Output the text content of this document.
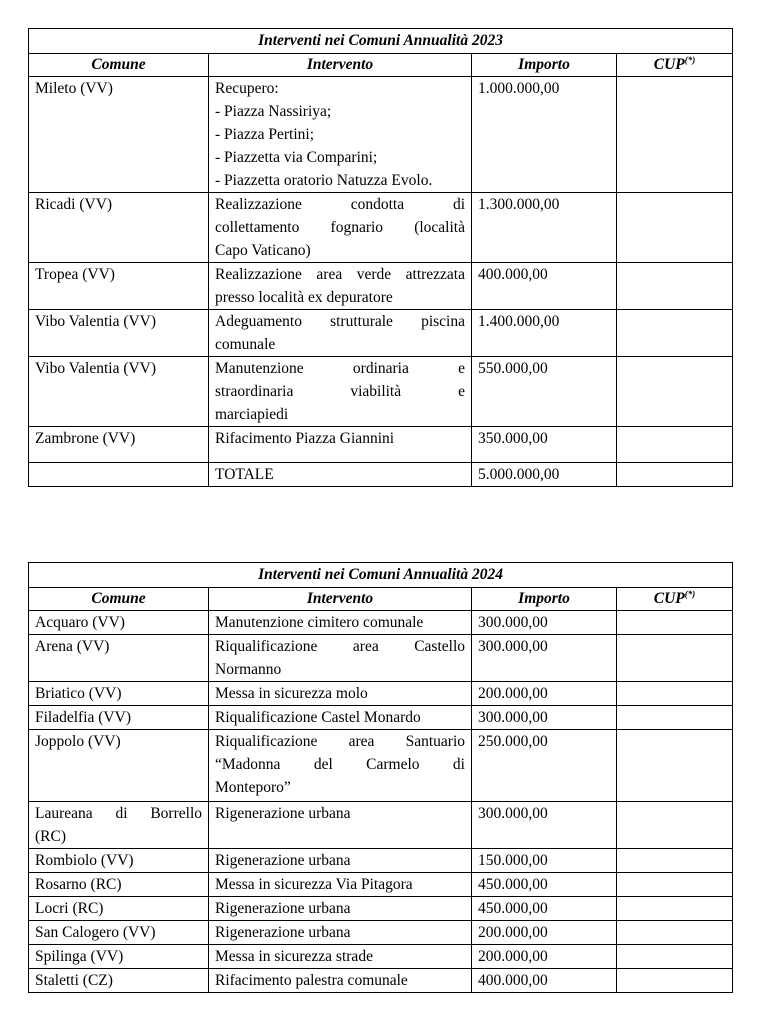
Interventi nei Comuni Annualità 2023			
Comune	Intervento	Importo	CUP(*)
Mileto (VV)	Recupero:
- Piazza Nassiriya;
- Piazza Pertini;
- Piazzetta via Comparini;
- Piazzetta oratorio Natuzza Evolo.	1.000.000,00	
Ricadi (VV)	Realizzazione condotta di
collettamento fognario (località
Capo Vaticano)	1.300.000,00	
Tropea (VV)	Realizzazione area verde attrezzata
presso località ex depuratore	400.000,00	
Vibo Valentia (VV)	Adeguamento strutturale piscina
comunale	1.400.000,00	
Vibo Valentia (VV)	Manutenzione ordinaria e
straordinaria viabilità e
marciapiedi	550.000,00	
Zambrone (VV)	Rifacimento Piazza Giannini	350.000,00	
	TOTALE	5.000.000,00	
Interventi nei Comuni Annualità 2024			
Comune	Intervento	Importo	CUP(*)
Acquaro (VV)	Manutenzione cimitero comunale	300.000,00	
Arena (VV)	Riqualificazione area Castello
Normanno	300.000,00	
Briatico (VV)	Messa in sicurezza molo	200.000,00	
Filadelfia (VV)	Riqualificazione Castel Monardo	300.000,00	
Joppolo (VV)	Riqualificazione area Santuario
“Madonna del Carmelo di
Monteporo”	250.000,00	

Laureana di Borrello
(RC)	Rigenerazione urbana	300.000,00	
Rombiolo (VV)	Rigenerazione urbana	150.000,00	
Rosarno (RC)	Messa in sicurezza Via Pitagora	450.000,00	
Locri (RC)	Rigenerazione urbana	450.000,00	
San Calogero (VV)	Rigenerazione urbana	200.000,00	
Spilinga (VV)	Messa in sicurezza strade	200.000,00	
Staletti (CZ)	Rifacimento palestra comunale	400.000,00	
